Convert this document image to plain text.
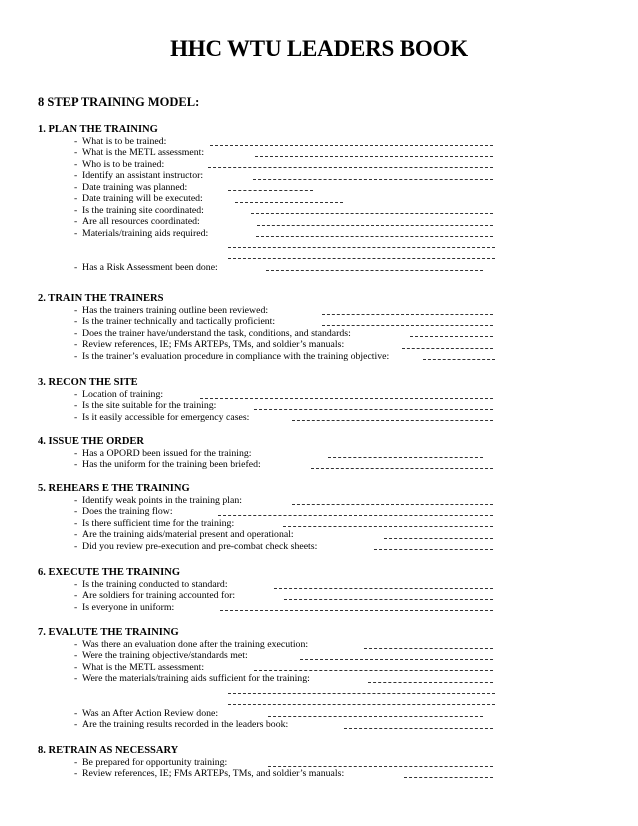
HHC WTU LEADERS BOOK
8 STEP TRAINING MODEL:
1. PLAN THE TRAINING
- What is to be trained:
- What is the METL assessment:
- Who is to be trained:
- Identify an assistant instructor:
- Date training was planned:
- Date training will be executed:
- Is the training site coordinated:
- Are all resources coordinated:
- Materials/training aids required:
- Has a Risk Assessment been done:
2. TRAIN THE TRAINERS
- Has the trainers training outline been reviewed:
- Is the trainer technically and tactically proficient:
- Does the trainer have/understand the task, conditions, and standards:
- Review references, IE; FMs ARTEPs, TMs, and soldier’s manuals:
- Is the trainer’s evaluation procedure in compliance with the training objective:
3. RECON THE SITE
- Location of training:
- Is the site suitable for the training:
- Is it easily accessible for emergency cases:
4. ISSUE THE ORDER
- Has a OPORD been issued for the training:
- Has the uniform for the training been briefed:
5. REHEARS E THE TRAINING
- Identify weak points in the training plan:
- Does the training flow:
- Is there sufficient time for the training:
- Are the training aids/material present and operational:
- Did you review pre-execution and pre-combat check sheets:
6. EXECUTE THE TRAINING
- Is the training conducted to standard:
- Are soldiers for training accounted for:
- Is everyone in uniform:
7. EVALUTE THE TRAINING
- Was there an evaluation done after the training execution:
- Were the training objective/standards met:
- What is the METL assessment:
- Were the materials/training aids sufficient for the training:
- Was an After Action Review done:
- Are the training results recorded in the leaders book:
8. RETRAIN AS NECESSARY
- Be prepared for opportunity training:
- Review references, IE; FMs ARTEPs, TMs, and soldier’s manuals:
